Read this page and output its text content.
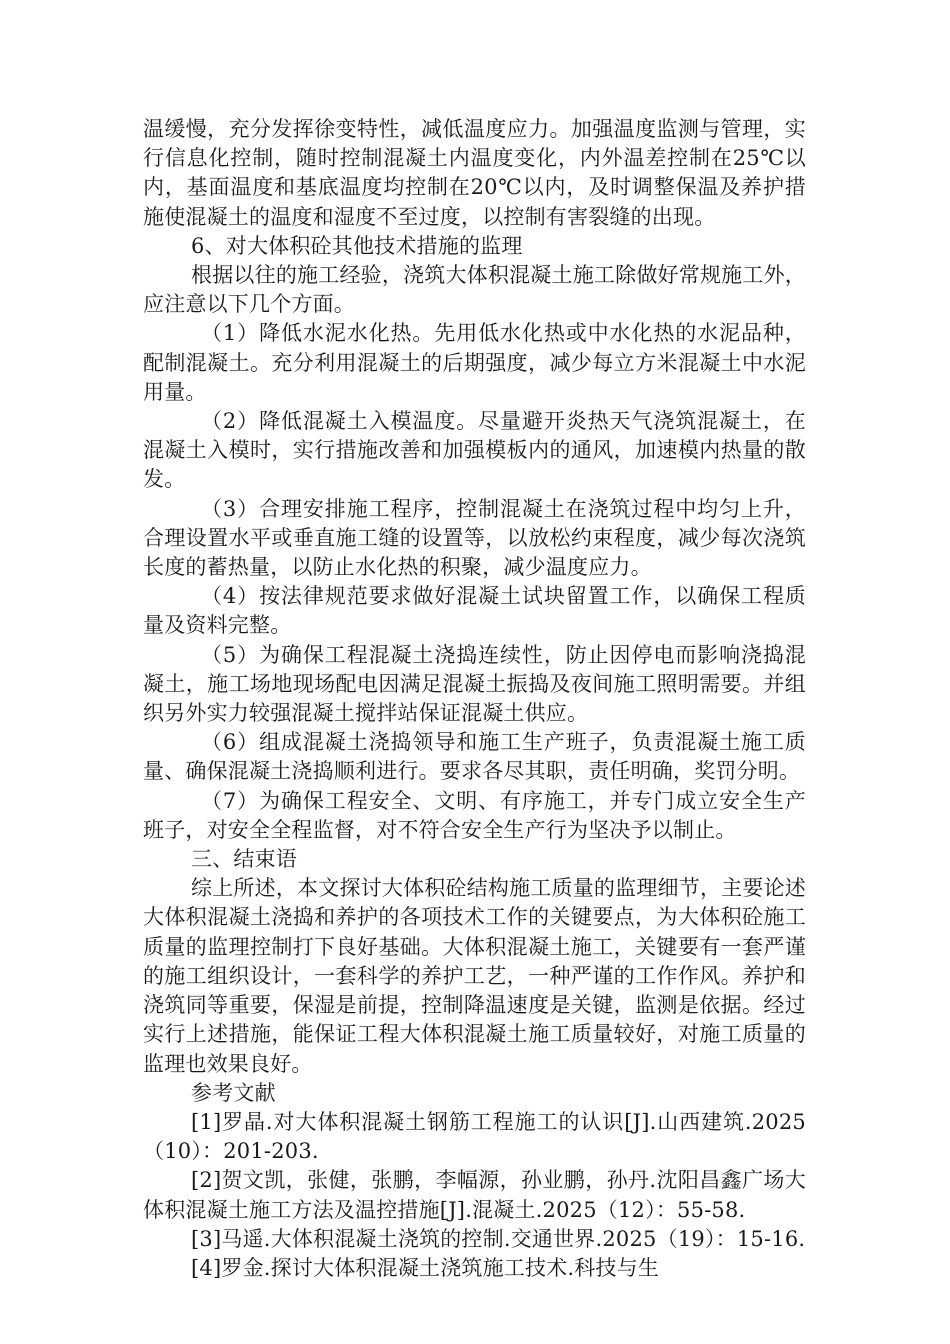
温缓慢，充分发挥徐变特性，减低温度应力。加强温度监测与管理，实行信息化控制，随时控制混凝土内温度变化，内外温差控制在25℃以内，基面温度和基底温度均控制在20℃以内，及时调整保温及养护措施使混凝土的温度和湿度不至过度，以控制有害裂缝的出现。

6、对大体积砼其他技术措施的监理

根据以往的施工经验，浇筑大体积混凝土施工除做好常规施工外，应注意以下几个方面。

（1）降低水泥水化热。先用低水化热或中水化热的水泥品种，配制混凝土。充分利用混凝土的后期强度，减少每立方米混凝土中水泥用量。

（2）降低混凝土入模温度。尽量避开炎热天气浇筑混凝土，在混凝土入模时，实行措施改善和加强模板内的通风，加速模内热量的散发。

（3）合理安排施工程序，控制混凝土在浇筑过程中均匀上升，合理设置水平或垂直施工缝的设置等，以放松约束程度，减少每次浇筑长度的蓄热量，以防止水化热的积聚，减少温度应力。

（4）按法律规范要求做好混凝土试块留置工作，以确保工程质量及资料完整。

（5）为确保工程混凝土浇捣连续性，防止因停电而影响浇捣混凝土，施工场地现场配电因满足混凝土振捣及夜间施工照明需要。并组织另外实力较强混凝土搅拌站保证混凝土供应。

（6）组成混凝土浇捣领导和施工生产班子，负责混凝土施工质量、确保混凝土浇捣顺利进行。要求各尽其职，责任明确，奖罚分明。

（7）为确保工程安全、文明、有序施工，并专门成立安全生产班子，对安全全程监督，对不符合安全生产行为坚决予以制止。

三、结束语

综上所述，本文探讨大体积砼结构施工质量的监理细节，主要论述大体积混凝土浇捣和养护的各项技术工作的关键要点，为大体积砼施工质量的监理控制打下良好基础。大体积混凝土施工，关键要有一套严谨的施工组织设计，一套科学的养护工艺，一种严谨的工作作风。养护和浇筑同等重要，保湿是前提，控制降温速度是关键，监测是依据。经过实行上述措施，能保证工程大体积混凝土施工质量较好，对施工质量的监理也效果良好。

参考文献

[1]罗晶.对大体积混凝土钢筋工程施工的认识[J].山西建筑.2025（10）：201-203.

[2]贺文凯，张健，张鹏，李幅源，孙业鹏，孙丹.沈阳昌鑫广场大体积混凝土施工方法及温控措施[J].混凝土.2025（12）：55-58.

[3]马遥.大体积混凝土浇筑的控制.交通世界.2025（19）：15-16.

[4]罗金.探讨大体积混凝土浇筑施工技术.科技与生
